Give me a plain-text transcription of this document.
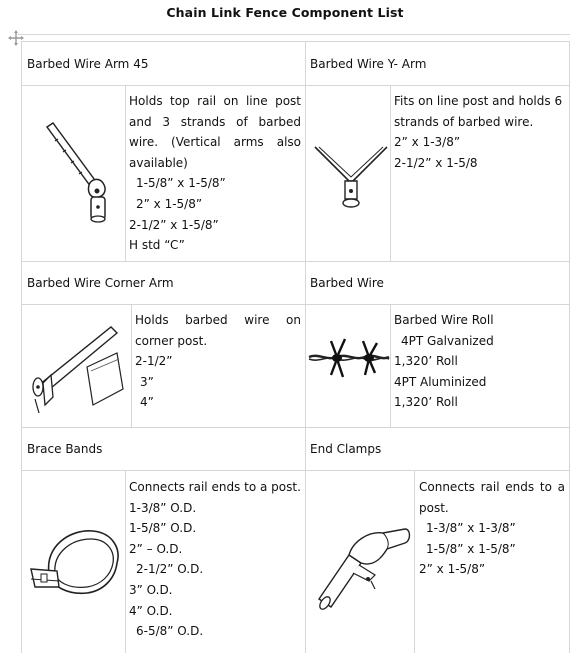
Chain Link Fence Component List
Barbed Wire Arm 45
Holds top rail on line post
and 3 strands of barbed
wire. (Vertical arms also
available)
1-5/8” x 1-5/8”
2” x 1-5/8”
2-1/2” x 1-5/8”
H std “C”
Barbed Wire Y- Arm
Fits on line post and holds 6
strands of barbed wire.
2” x 1-3/8”
2-1/2” x 1-5/8
Barbed Wire Corner Arm
Holds barbed wire on
corner post.
2-1/2”
3”
4”
Barbed Wire
Barbed Wire Roll
4PT Galvanized
1,320’ Roll
4PT Aluminized
1,320’ Roll
Brace Bands
Connects rail ends to a post.
1-3/8” O.D.
1-5/8” O.D.
2” – O.D.
2-1/2” O.D.
3” O.D.
4” O.D.
6-5/8” O.D.
End Clamps
Connects rail ends to a
post.
1-3/8” x 1-3/8”
1-5/8” x 1-5/8”
2” x 1-5/8”
